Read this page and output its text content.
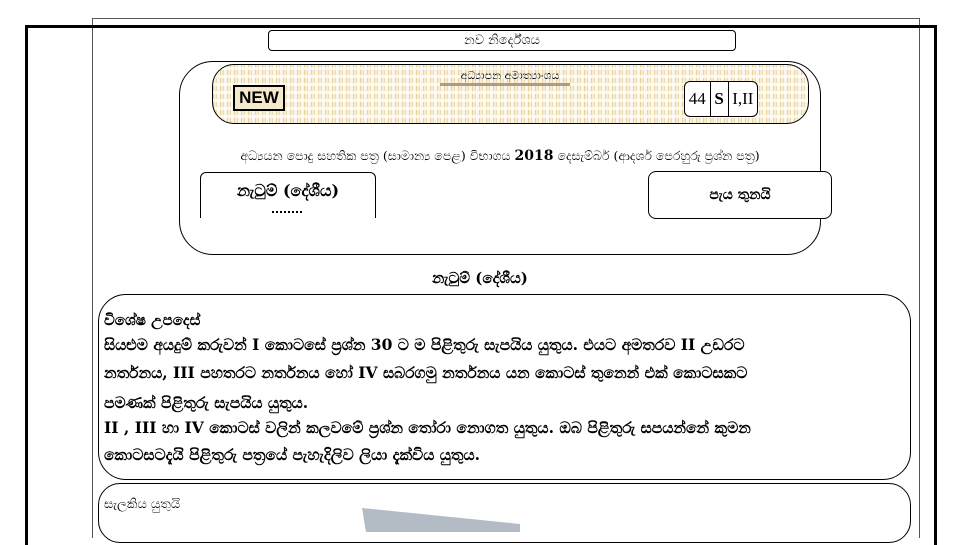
නව නිර්දේශය
අධ්‍යාපන අමාත්‍යාංශය
NEW	44 S I,II
අධ්‍යයන පොදු සහතික පත්‍ර (සාමාන්‍ය පෙළ) විභාගය 2018 දෙසැම්බර් (ආදර්ශ පෙරහුරු ප්‍රශ්න පත්‍ර)
නැටුම් (දේශීය)	පැය තුනයි
නැටුම් (දේශීය)
විශේෂ උපදෙස්
සියළුම අයදුම් කරුවන් I කොටසේ ප්‍රශ්න 30 ට ම පිළිතුරු සැපයිය යුතුය. එයට අමතරව II උඩරට
නර්තනය, III පහතරට නර්තනය හෝ IV සබරගමු නර්තනය යන කොටස් තුනෙන් එක් කොටසකට
පමණක් පිළිතුරු සැපයිය යුතුය.
II , III හා IV කොටස් වලින් කලවමේ ප්‍රශ්න තෝරා නොගත යුතුය. ඔබ පිළිතුරු සපයන්නේ කුමන
කොටසටදැයි පිළිතුරු පත්‍රයේ පැහැදිලිව ලියා දැක්විය යුතුය.
සැලකිය යුතුයි
